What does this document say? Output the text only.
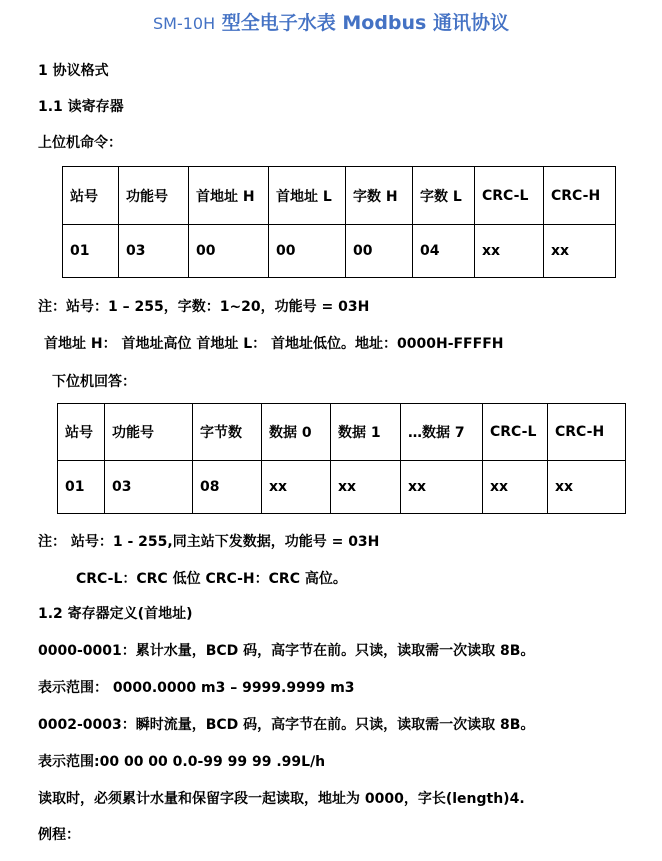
SM-10H 型全电子水表 Modbus 通讯协议
1 协议格式
1.1 读寄存器
上位机命令：
站号	功能号	首地址 H	首地址 L	字数 H	字数 L	CRC-L	CRC-H
01	03	00	00	00	04	xx	xx
注：站号：1 – 255，字数：1~20，功能号 = 03H
首地址 H： 首地址高位 首地址 L： 首地址低位。地址：0000H-FFFFH
下位机回答：
站号	功能号	字节数	数据 0	数据 1	…数据 7	CRC-L	CRC-H
01	03	08	xx	xx	xx	xx	xx
注： 站号：1 - 255,同主站下发数据，功能号 = 03H
CRC-L：CRC 低位 CRC-H：CRC 高位。
1.2 寄存器定义(首地址)
0000-0001：累计水量，BCD 码，高字节在前。只读，读取需一次读取 8B。
表示范围： 0000.0000 m3 – 9999.9999 m3
0002-0003：瞬时流量，BCD 码，高字节在前。只读，读取需一次读取 8B。
表示范围:00 00 00 0.0-99 99 99 .99L/h
读取时，必须累计水量和保留字段一起读取，地址为 0000，字长(length)4.
例程：
